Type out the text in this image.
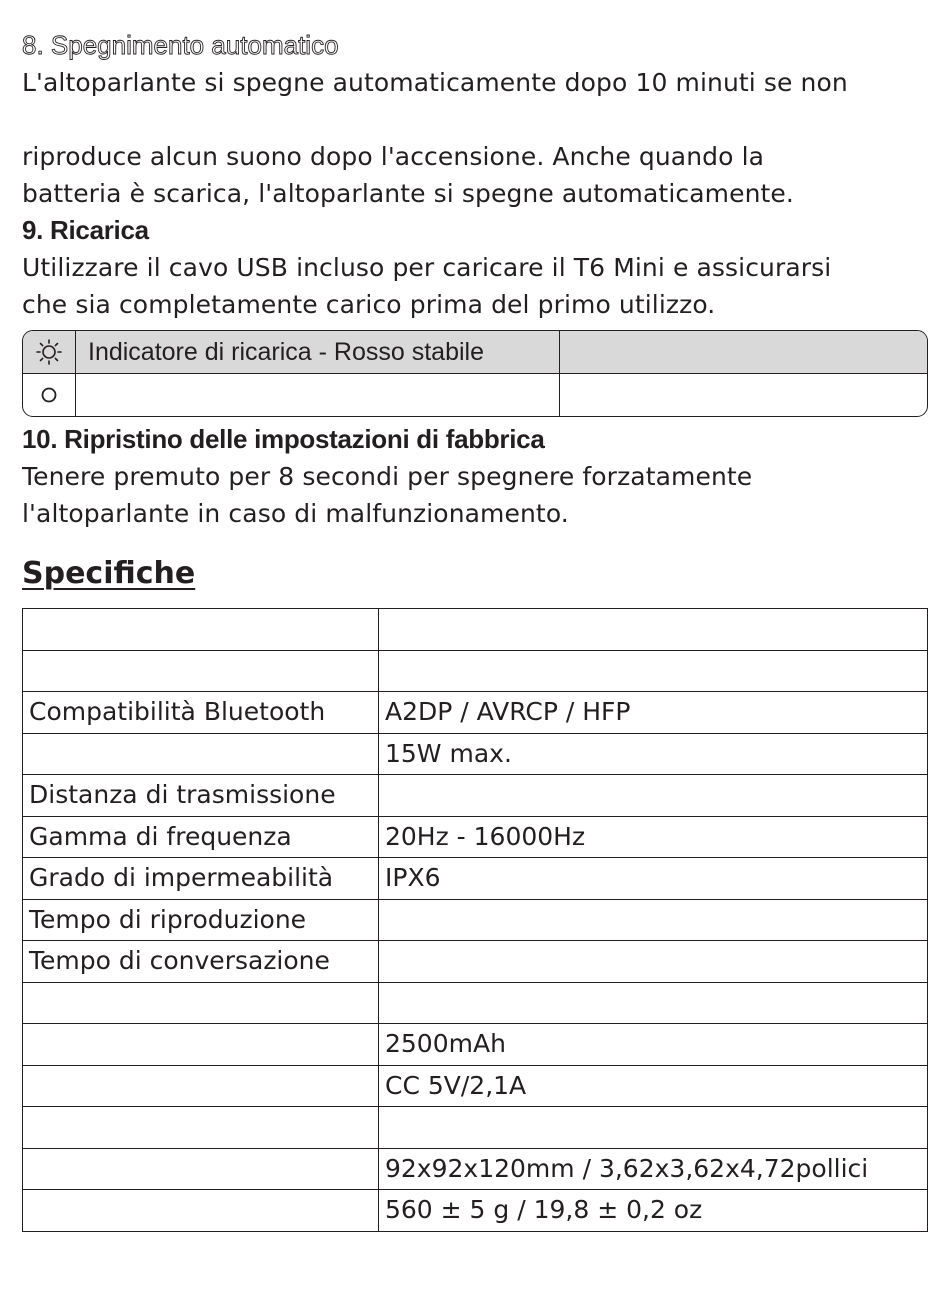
8. Spegnimento automatico

L'altoparlante si spegne automaticamente dopo 10 minuti se non

riproduce alcun suono dopo l'accensione. Anche quando la

batteria è scarica, l'altoparlante si spegne automaticamente.

9. Ricarica

Utilizzare il cavo USB incluso per caricare il T6 Mini e assicurarsi

che sia completamente carico prima del primo utilizzo.

Indicatore di ricarica - Rosso stabile

10. Ripristino delle impostazioni di fabbrica

Tenere premuto per 8 secondi per spegnere forzatamente

l'altoparlante in caso di malfunzionamento.

Specifiche

Compatibilità Bluetooth	A2DP / AVRCP / HFP
	15W max.
Distanza di trasmissione	
Gamma di frequenza	20Hz - 16000Hz
Grado di impermeabilità	IPX6
Tempo di riproduzione	
Tempo di conversazione	

	2500mAh
	CC 5V/2,1A

	92x92x120mm / 3,62x3,62x4,72pollici
	560 ± 5 g / 19,8 ± 0,2 oz
